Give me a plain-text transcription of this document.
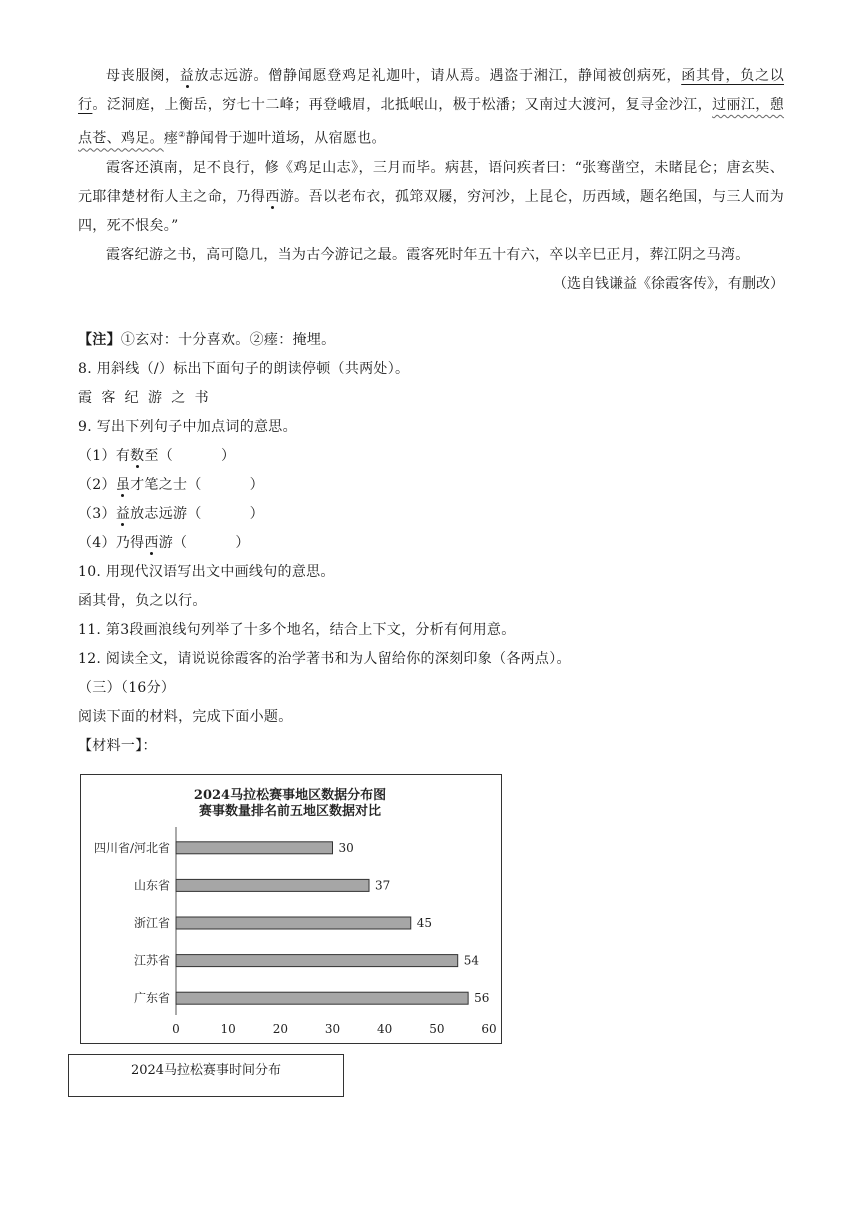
母丧服阕，益放志远游。僧静闻愿登鸡足礼迦叶，请从焉。遇盗于湘江，静闻被创病死，函其骨，负之以行。泛洞庭，上衡岳，穷七十二峰；再登峨眉，北抵岷山，极于松潘；又南过大渡河，复寻金沙江，过丽江，憩点苍、鸡足。瘗②静闻骨于迦叶道场，从宿愿也。

霞客还滇南，足不良行，修《鸡足山志》，三月而毕。病甚，语问疾者曰：“张骞凿空，未睹昆仑；唐玄奘、元耶律楚材衔人主之命，乃得西游。吾以老布衣，孤筇双屦，穷河沙，上昆仑，历西域，题名绝国，与三人而为四，死不恨矣。”

霞客纪游之书，高可隐几，当为古今游记之最。霞客死时年五十有六，卒以辛巳正月，葬江阴之马湾。

（选自钱谦益《徐霞客传》，有删改）

【注】①玄对：十分喜欢。②瘗：掩埋。

8. 用斜线（/）标出下面句子的朗读停顿（共两处）。

霞 客 纪 游 之 书

9. 写出下列句子中加点词的意思。

（1）有数至（	）

（2）虽才笔之士（	）

（3）益放志远游（	）

（4）乃得西游（	）

10. 用现代汉语写出文中画线句的意思。

函其骨，负之以行。

11. 第3段画浪线句列举了十多个地名，结合上下文，分析有何用意。

12. 阅读全文，请说说徐霞客的治学著书和为人留给你的深刻印象（各两点）。

（三）（16分）

阅读下面的材料，完成下面小题。

【材料一】：

2024马拉松赛事地区数据分布图
赛事数量排名前五地区数据对比
四川省/河北省	30
山东省	37
浙江省	45
江苏省	54
广东省	56
0	10	20	30	40	50	60
2024马拉松赛事时间分布
